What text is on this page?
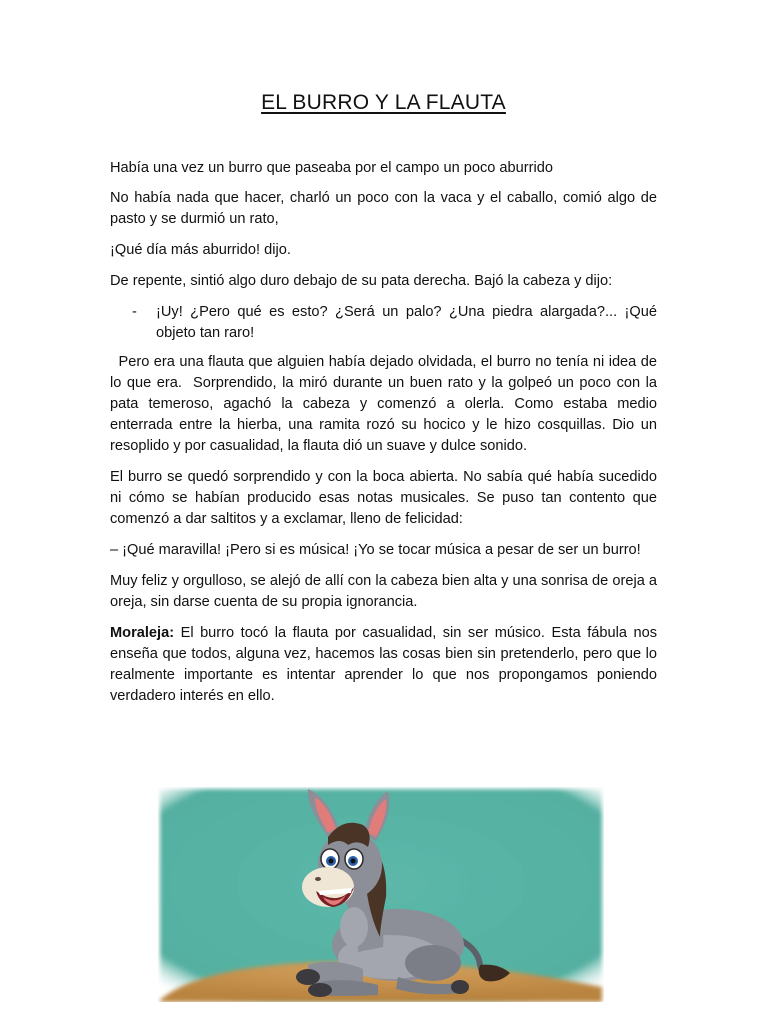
EL BURRO Y LA FLAUTA

Había una vez un burro que paseaba por el campo un poco aburrido

No había nada que hacer, charló un poco con la vaca y el caballo, comió algo de pasto y se durmió un rato,

¡Qué día más aburrido! dijo.

De repente, sintió algo duro debajo de su pata derecha. Bajó la cabeza y dijo:

-	¡Uy! ¿Pero qué es esto? ¿Será un palo? ¿Una piedra alargada?... ¡Qué objeto tan raro!

Pero era una flauta que alguien había dejado olvidada, el burro no tenía ni idea de lo que era.  Sorprendido, la miró durante un buen rato y la golpeó un poco con la pata temeroso, agachó la cabeza y comenzó a olerla. Como estaba medio enterrada entre la hierba, una ramita rozó su hocico y le hizo cosquillas. Dio un resoplido y por casualidad, la flauta dió un suave y dulce sonido.

El burro se quedó sorprendido y con la boca abierta. No sabía qué había sucedido ni cómo se habían producido esas notas musicales. Se puso tan contento que comenzó a dar saltitos y a exclamar, lleno de felicidad:

– ¡Qué maravilla! ¡Pero si es música! ¡Yo se tocar música a pesar de ser un burro!

Muy feliz y orgulloso, se alejó de allí con la cabeza bien alta y una sonrisa de oreja a oreja, sin darse cuenta de su propia ignorancia.

Moraleja: El burro tocó la flauta por casualidad, sin ser músico. Esta fábula nos enseña que todos, alguna vez, hacemos las cosas bien sin pretenderlo, pero que lo realmente importante es intentar aprender lo que nos propongamos poniendo verdadero interés en ello.
